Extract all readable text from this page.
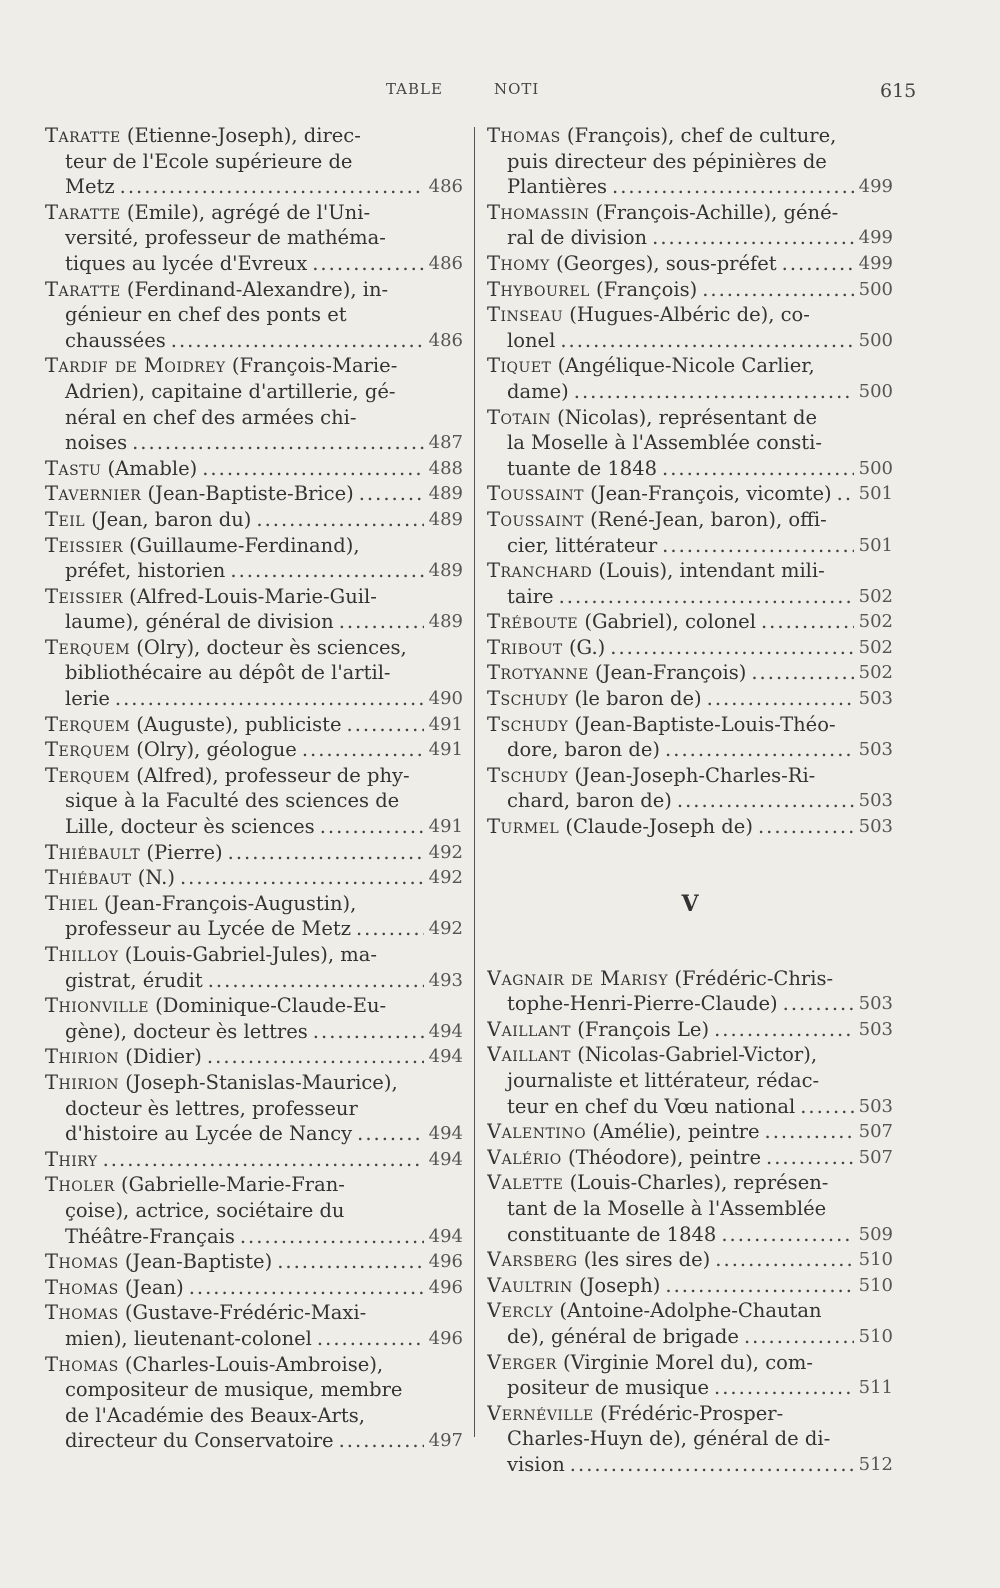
TABLE	NOTI	615
Taratte (Etienne-Joseph), direc-
teur de l'Ecole supérieure de
Metz .....	486
Taratte (Emile), agrégé de l'Uni-
versité, professeur de mathéma-
tiques au lycée d'Evreux .....	486
Taratte (Ferdinand-Alexandre), in-
génieur en chef des ponts et
chaussées .....	486
Tardif de Moidrey (François-Marie-
Adrien), capitaine d'artillerie, gé-
néral en chef des armées chi-
noises .....	487
Tastu (Amable) .....	488
Tavernier (Jean-Baptiste-Brice) .....	489
Teil (Jean, baron du) .....	489
Teissier (Guillaume-Ferdinand),
préfet, historien .....	489
Teissier (Alfred-Louis-Marie-Guil-
laume), général de division .....	489
Terquem (Olry), docteur ès sciences,
bibliothécaire au dépôt de l'artil-
lerie .....	490
Terquem (Auguste), publiciste .....	491
Terquem (Olry), géologue .....	491
Terquem (Alfred), professeur de phy-
sique à la Faculté des sciences de
Lille, docteur ès sciences .....	491
Thiébault (Pierre) .....	492
Thiébaut (N.) .....	492
Thiel (Jean-François-Augustin),
professeur au Lycée de Metz .....	492
Thilloy (Louis-Gabriel-Jules), ma-
gistrat, érudit .....	493
Thionville (Dominique-Claude-Eu-
gène), docteur ès lettres .....	494
Thirion (Didier) .....	494
Thirion (Joseph-Stanislas-Maurice),
docteur ès lettres, professeur
d'histoire au Lycée de Nancy .....	494
Thiry .....	494
Tholer (Gabrielle-Marie-Fran-
çoise), actrice, sociétaire du
Théâtre-Français .....	494
Thomas (Jean-Baptiste) .....	496
Thomas (Jean) .....	496
Thomas (Gustave-Frédéric-Maxi-
mien), lieutenant-colonel .....	496
Thomas (Charles-Louis-Ambroise),
compositeur de musique, membre
de l'Académie des Beaux-Arts,
directeur du Conservatoire .....	497
Thomas (François), chef de culture,
puis directeur des pépinières de
Plantières .....	499
Thomassin (François-Achille), géné-
ral de division .....	499
Thomy (Georges), sous-préfet .....	499
Thybourel (François) .....	500
Tinseau (Hugues-Albéric de), co-
lonel .....	500
Tiquet (Angélique-Nicole Carlier,
dame) .....	500
Totain (Nicolas), représentant de
la Moselle à l'Assemblée consti-
tuante de 1848 .....	500
Toussaint (Jean-François, vicomte) ..... 501
Toussaint (René-Jean, baron), offi-
cier, littérateur .....	501
Tranchard (Louis), intendant mili-
taire .....	502
Tréboute (Gabriel), colonel .....	502
Tribout (G.) .....	502
Trotyanne (Jean-François) .....	502
Tschudy (le baron de) .....	503
Tschudy (Jean-Baptiste-Louis-Théo-
dore, baron de) .....	503
Tschudy (Jean-Joseph-Charles-Ri-
chard, baron de) .....	503
Turmel (Claude-Joseph de) .....	503
V
Vagnair de Marisy (Frédéric-Chris-
tophe-Henri-Pierre-Claude) .....	503
Vaillant (François Le) .....	503
Vaillant (Nicolas-Gabriel-Victor),
journaliste et littérateur, rédac-
teur en chef du Vœu national .....	503
Valentino (Amélie), peintre .....	507
Valério (Théodore), peintre .....	507
Valette (Louis-Charles), représen-
tant de la Moselle à l'Assemblée
constituante de 1848 .....	509
Varsberg (les sires de) .....	510
Vaultrin (Joseph) .....	510
Vercly (Antoine-Adolphe-Chautan
de), général de brigade .....	510
Verger (Virginie Morel du), com-
positeur de musique .....	511
Vernéville (Frédéric-Prosper-
Charles-Huyn de), général de di-
vision .....	512
